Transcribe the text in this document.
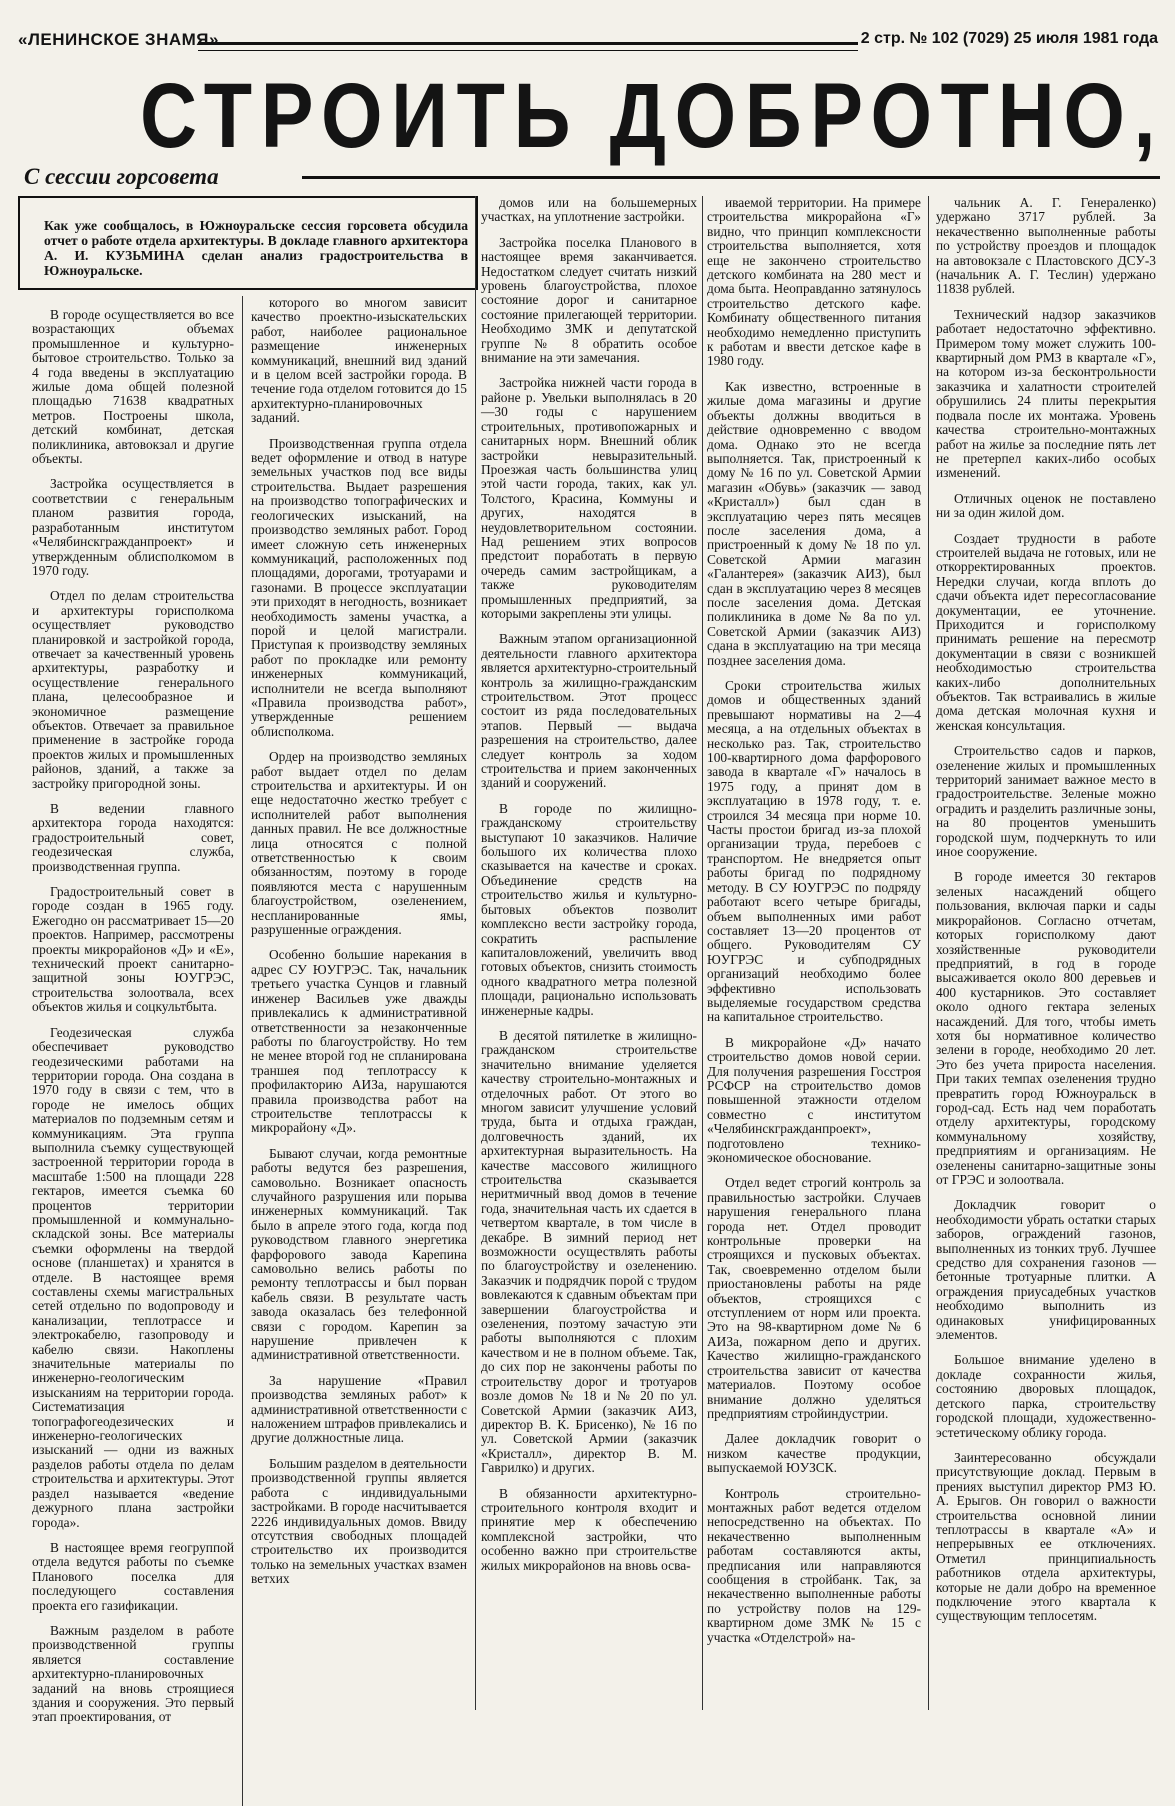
«ЛЕНИНСКОЕ ЗНАМЯ»	2 стр. № 102 (7029) 25 июля 1981 года
СТРОИТЬ ДОБРОТНО,
С сессии горсовета
Как уже сообщалось, в Южноуральске сессия горсовета обсудила отчет о работе отдела архитектуры. В докладе главного архитектора А. И. КУЗЬМИНА сделан анализ градостроительства в Южноуральске.

В городе осуществляется во все возрастающих объемах промышленное и культурно-бытовое строительство. Только за 4 года введены в эксплуатацию жилые дома общей полезной площадью 71638 квадратных метров. Построены школа, детский комбинат, детская поликлиника, автовокзал и другие объекты.

Застройка осуществляется в соответствии с генеральным планом развития города, разработанным институтом «Челябинскгражданпроект» и утвержденным облисполкомом в 1970 году.

Отдел по делам строительства и архитектуры горисполкома осуществляет руководство планировкой и застройкой города, отвечает за качественный уровень архитектуры, разработку и осуществление генерального плана, целесообразное и экономичное размещение объектов. Отвечает за правильное применение в застройке города проектов жилых и промышленных районов, зданий, а также за застройку пригородной зоны.

В ведении главного архитектора города находятся: градостроительный совет, геодезическая служба, производственная группа.

Градостроительный совет в городе создан в 1965 году. Ежегодно он рассматривает 15—20 проектов. Например, рассмотрены проекты микрорайонов «Д» и «Е», технический проект санитарно-защитной зоны ЮУГРЭС, строительства золоотвала, всех объектов жилья и соцкультбыта.

Геодезическая служба обеспечивает руководство геодезическими работами на территории города. Она создана в 1970 году в связи с тем, что в городе не имелось общих материалов по подземным сетям и коммуникациям. Эта группа выполнила съемку существующей застроенной территории города в масштабе 1:500 на площади 228 гектаров, имеется съемка 60 процентов территории промышленной и коммунально-складской зоны. Все материалы съемки оформлены на твердой основе (планшетах) и хранятся в отделе. В настоящее время составлены схемы магистральных сетей отдельно по водопроводу и канализации, теплотрассе и электрокабелю, газопроводу и кабелю связи. Накоплены значительные материалы по инженерно-геологическим изысканиям на территории города. Систематизация топографогеодезических и инженерно-геологических изысканий — одни из важных разделов работы отдела по делам строительства и архитектуры. Этот раздел называется «ведение дежурного плана застройки города».

В настоящее время геогруппой отдела ведутся работы по съемке Планового поселка для последующего составления проекта его газификации.

Важным разделом в работе производственной группы является составление архитектурно-планировочных заданий на вновь строящиеся здания и сооружения. Это первый этап проектирования, от

которого во многом зависит качество проектно-изыскательских работ, наиболее рациональное размещение инженерных коммуникаций, внешний вид зданий и в целом всей застройки города. В течение года отделом готовится до 15 архитектурно-планировочных заданий.

Производственная группа отдела ведет оформление и отвод в натуре земельных участков под все виды строительства. Выдает разрешения на производство топографических и геологических изысканий, на производство земляных работ. Город имеет сложную сеть инженерных коммуникаций, расположенных под площадями, дорогами, тротуарами и газонами. В процессе эксплуатации эти приходят в негодность, возникает необходимость замены участка, а порой и целой магистрали. Приступая к производству земляных работ по прокладке или ремонту инженерных коммуникаций, исполнители не всегда выполняют «Правила производства работ», утвержденные решением облисполкома.

Ордер на производство земляных работ выдает отдел по делам строительства и архитектуры. И он еще недостаточно жестко требует с исполнителей работ выполнения данных правил. Не все должностные лица относятся с полной ответственностью к своим обязанностям, поэтому в городе появляются места с нарушенным благоустройством, озеленением, неспланированные ямы, разрушенные ограждения.

Особенно большие нарекания в адрес СУ ЮУГРЭС. Так, начальник третьего участка Сунцов и главный инженер Васильев уже дважды привлекались к административной ответственности за незаконченные работы по благоустройству. Но тем не менее второй год не спланирована траншея под теплотрассу к профилакторию АИЗа, нарушаются правила производства работ на строительстве теплотрассы к микрорайону «Д».

Бывают случаи, когда ремонтные работы ведутся без разрешения, самовольно. Возникает опасность случайного разрушения или порыва инженерных коммуникаций. Так было в апреле этого года, когда под руководством главного энергетика фарфорового завода Карепина самовольно велись работы по ремонту теплотрассы и был порван кабель связи. В результате часть завода оказалась без телефонной связи с городом. Карепин за нарушение привлечен к административной ответственности.

За нарушение «Правил производства земляных работ» к административной ответственности с наложением штрафов привлекались и другие должностные лица.

Большим разделом в деятельности производственной группы является работа с индивидуальными застройками. В городе насчитывается 2226 индивидуальных домов. Ввиду отсутствия свободных площадей строительство их производится только на земельных участках взамен ветхих

домов или на большемерных участках, на уплотнение застройки.

Застройка поселка Планового в настоящее время заканчивается. Недостатком следует считать низкий уровень благоустройства, плохое состояние дорог и санитарное состояние прилегающей территории. Необходимо ЗМК и депутатской группе № 8 обратить особое внимание на эти замечания.

Застройка нижней части города в районе р. Увельки выполнялась в 20—30 годы с нарушением строительных, противопожарных и санитарных норм. Внешний облик застройки невыразительный. Проезжая часть большинства улиц этой части города, таких, как ул. Толстого, Красина, Коммуны и других, находятся в неудовлетворительном состоянии. Над решением этих вопросов предстоит поработать в первую очередь самим застройщикам, а также руководителям промышленных предприятий, за которыми закреплены эти улицы.

Важным этапом организационной деятельности главного архитектора является архитектурно-строительный контроль за жилищно-гражданским строительством. Этот процесс состоит из ряда последовательных этапов. Первый — выдача разрешения на строительство, далее следует контроль за ходом строительства и прием законченных зданий и сооружений.

В городе по жилищно-гражданскому строительству выступают 10 заказчиков. Наличие большого их количества плохо сказывается на качестве и сроках. Объединение средств на строительство жилья и культурно-бытовых объектов позволит комплексно вести застройку города, сократить распыление капиталовложений, увеличить ввод готовых объектов, снизить стоимость одного квадратного метра полезной площади, рационально использовать инженерные кадры.

В десятой пятилетке в жилищно-гражданском строительстве значительно внимание уделяется качеству строительно-монтажных и отделочных работ. От этого во многом зависит улучшение условий труда, быта и отдыха граждан, долговечность зданий, их архитектурная выразительность. На качестве массового жилищного строительства сказывается неритмичный ввод домов в течение года, значительная часть их сдается в четвертом квартале, в том числе в декабре. В зимний период нет возможности осуществлять работы по благоустройству и озеленению. Заказчик и подрядчик порой с трудом вовлекаются к сдавным объектам при завершении благоустройства и озеленения, поэтому зачастую эти работы выполняются с плохим качеством и не в полном объеме. Так, до сих пор не закончены работы по строительству дорог и тротуаров возле домов № 18 и № 20 по ул. Советской Армии (заказчик АИЗ, директор В. К. Брисенко), № 16 по ул. Советской Армии (заказчик «Кристалл», директор В. М. Гаврилко) и других.

В обязанности архитектурно-строительного контроля входит и принятие мер к обеспечению комплексной застройки, что особенно важно при строительстве жилых микрорайонов на вновь осва-

иваемой территории. На примере строительства микрорайона «Г» видно, что принцип комплексности строительства выполняется, хотя еще не закончено строительство детского комбината на 280 мест и дома быта. Неоправданно затянулось строительство детского кафе. Комбинату общественного питания необходимо немедленно приступить к работам и ввести детское кафе в 1980 году.

Как известно, встроенные в жилые дома магазины и другие объекты должны вводиться в действие одновременно с вводом дома. Однако это не всегда выполняется. Так, пристроенный к дому № 16 по ул. Советской Армии магазин «Обувь» (заказчик — завод «Кристалл») был сдан в эксплуатацию через пять месяцев после заселения дома, а пристроенный к дому № 18 по ул. Советской Армии магазин «Галантерея» (заказчик АИЗ), был сдан в эксплуатацию через 8 месяцев после заселения дома. Детская поликлиника в доме № 8а по ул. Советской Армии (заказчик АИЗ) сдана в эксплуатацию на три месяца позднее заселения дома.

Сроки строительства жилых домов и общественных зданий превышают нормативы на 2—4 месяца, а на отдельных объектах в несколько раз. Так, строительство 100-квартирного дома фарфорового завода в квартале «Г» началось в 1975 году, а принят дом в эксплуатацию в 1978 году, т. е. строился 34 месяца при норме 10. Часты простои бригад из-за плохой организации труда, перебоев с транспортом. Не внедряется опыт работы бригад по подрядному методу. В СУ ЮУГРЭС по подряду работают всего четыре бригады, объем выполненных ими работ составляет 13—20 процентов от общего. Руководителям СУ ЮУГРЭС и субподрядных организаций необходимо более эффективно использовать выделяемые государством средства на капитальное строительство.

В микрорайоне «Д» начато строительство домов новой серии. Для получения разрешения Госстроя РСФСР на строительство домов повышенной этажности отделом совместно с институтом «Челябинскгражданпроект», подготовлено технико-экономическое обоснование.

Отдел ведет строгий контроль за правильностью застройки. Случаев нарушения генерального плана города нет. Отдел проводит контрольные проверки на строящихся и пусковых объектах. Так, своевременно отделом были приостановлены работы на ряде объектов, строящихся с отступлением от норм или проекта. Это на 98-квартирном доме № 6 АИЗа, пожарном депо и других. Качество жилищно-гражданского строительства зависит от качества материалов. Поэтому особое внимание должно уделяться предприятиям стройиндустрии.

Далее докладчик говорит о низком качестве продукции, выпускаемой ЮУЗСК.

Контроль строительно-монтажных работ ведется отделом непосредственно на объектах. По некачественно выполненным работам составляются акты, предписания или направляются сообщения в стройбанк. Так, за некачественно выполненные работы по устройству полов на 129-квартирном доме ЗМК № 15 с участка «Отделстрой» на-

чальник А. Г. Генераленко) удержано 3717 рублей. За некачественно выполненные работы по устройству проездов и площадок на автовокзале с Пластовского ДСУ-3 (начальник А. Г. Теслин) удержано 11838 рублей.

Технический надзор заказчиков работает недостаточно эффективно. Примером тому может служить 100-квартирный дом РМЗ в квартале «Г», на котором из-за бесконтрольности заказчика и халатности строителей обрушились 24 плиты перекрытия подвала после их монтажа. Уровень качества строительно-монтажных работ на жилье за последние пять лет не претерпел каких-либо особых изменений.

Отличных оценок не поставлено ни за один жилой дом.

Создает трудности в работе строителей выдача не готовых, или не откорректированных проектов. Нередки случаи, когда вплоть до сдачи объекта идет пересогласование документации, ее уточнение. Приходится и горисполкому принимать решение на пересмотр документации в связи с возникшей необходимостью строительства каких-либо дополнительных объектов. Так встраивались в жилые дома детская молочная кухня и женская консультация.

Строительство садов и парков, озеленение жилых и промышленных территорий занимает важное место в градостроительстве. Зеленые можно оградить и разделить различные зоны, на 80 процентов уменьшить городской шум, подчеркнуть то или иное сооружение.

В городе имеется 30 гектаров зеленых насаждений общего пользования, включая парки и сады микрорайонов. Согласно отчетам, которых горисполкому дают хозяйственные руководители предприятий, в год в городе высаживается около 800 деревьев и 400 кустарников. Это составляет около одного гектара зеленых насаждений. Для того, чтобы иметь хотя бы нормативное количество зелени в городе, необходимо 20 лет. Это без учета прироста населения. При таких темпах озеленения трудно превратить город Южноуральск в город-сад. Есть над чем поработать отделу архитектуры, городскому коммунальному хозяйству, предприятиям и организациям. Не озеленены санитарно-защитные зоны от ГРЭС и золоотвала.

Докладчик говорит о необходимости убрать остатки старых заборов, ограждений газонов, выполненных из тонких труб. Лучшее средство для сохранения газонов — бетонные тротуарные плитки. А ограждения приусадебных участков необходимо выполнить из одинаковых унифицированных элементов.

Большое внимание уделено в докладе сохранности жилья, состоянию дворовых площадок, детского парка, строительству городской площади, художественно-эстетическому облику города.

Заинтересованно обсуждали присутствующие доклад. Первым в прениях выступил директор РМЗ Ю. А. Ерыгов. Он говорил о важности строительства основной линии теплотрассы в квартале «А» и непрерывных ее отключениях. Отметил принципиальность работников отдела архитектуры, которые не дали добро на временное подключение этого квартала к существующим теплосетям.
